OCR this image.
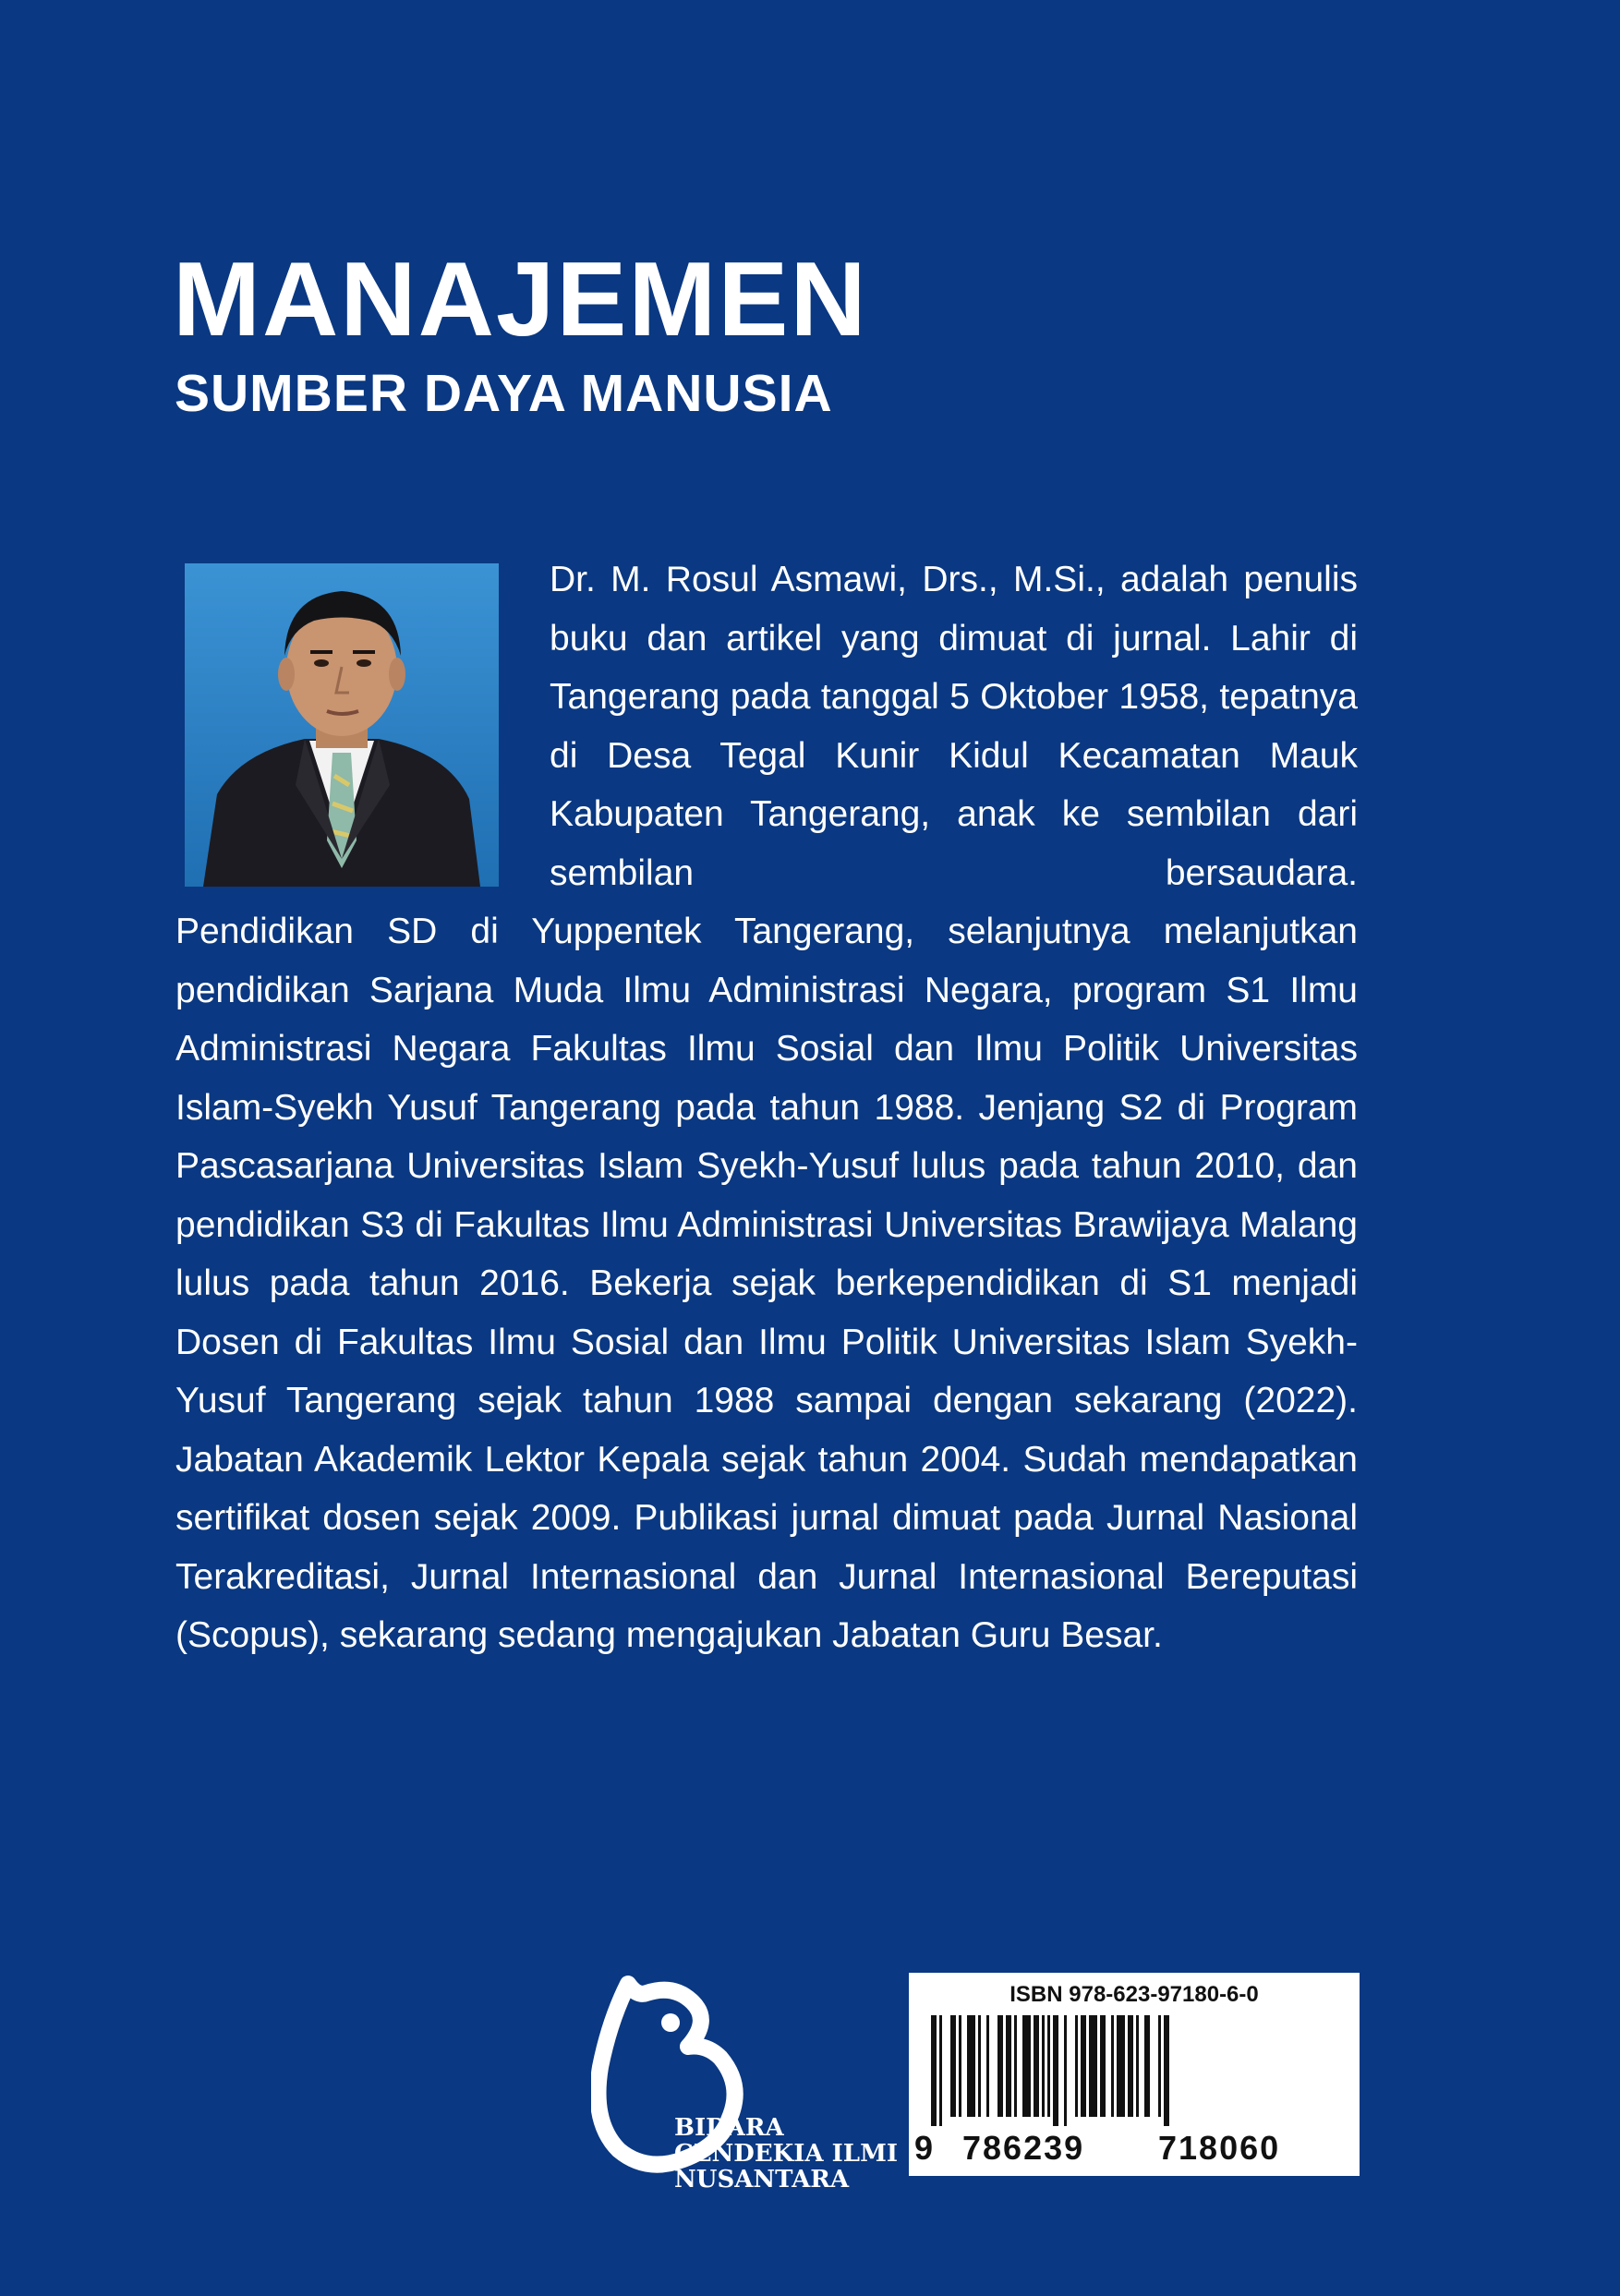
MANAJEMEN
SUMBER DAYA MANUSIA

Dr. M. Rosul Asmawi, Drs., M.Si., adalah penulis buku dan artikel yang dimuat di jurnal. Lahir di Tangerang pada tanggal 5 Oktober 1958, tepatnya di Desa Tegal Kunir Kidul Kecamatan Mauk Kabupaten Tangerang, anak ke sembilan dari sembilan bersaudara.

Pendidikan SD di Yuppentek Tangerang, selanjutnya melanjutkan pendidikan Sarjana Muda Ilmu Administrasi Negara, program S1 Ilmu Administrasi Negara Fakultas Ilmu Sosial dan Ilmu Politik Universitas Islam-Syekh Yusuf Tangerang pada tahun 1988. Jenjang S2 di Program Pascasarjana Universitas Islam Syekh-Yusuf lulus pada tahun 2010, dan pendidikan S3 di Fakultas Ilmu Administrasi Universitas Brawijaya Malang lulus pada tahun 2016. Bekerja sejak berkependidikan di S1 menjadi Dosen di Fakultas Ilmu Sosial dan Ilmu Politik Universitas Islam Syekh-Yusuf Tangerang sejak tahun 1988 sampai dengan sekarang (2022). Jabatan Akademik Lektor Kepala sejak tahun 2004. Sudah mendapatkan sertifikat dosen sejak 2009. Publikasi jurnal dimuat pada Jurnal Nasional Terakreditasi, Jurnal Internasional dan Jurnal Internasional Bereputasi (Scopus), sekarang sedang mengajukan Jabatan Guru Besar.

BIDARA
CENDEKIA ILMI
NUSANTARA
ISBN 978-623-97180-6-0
9 786239 718060
